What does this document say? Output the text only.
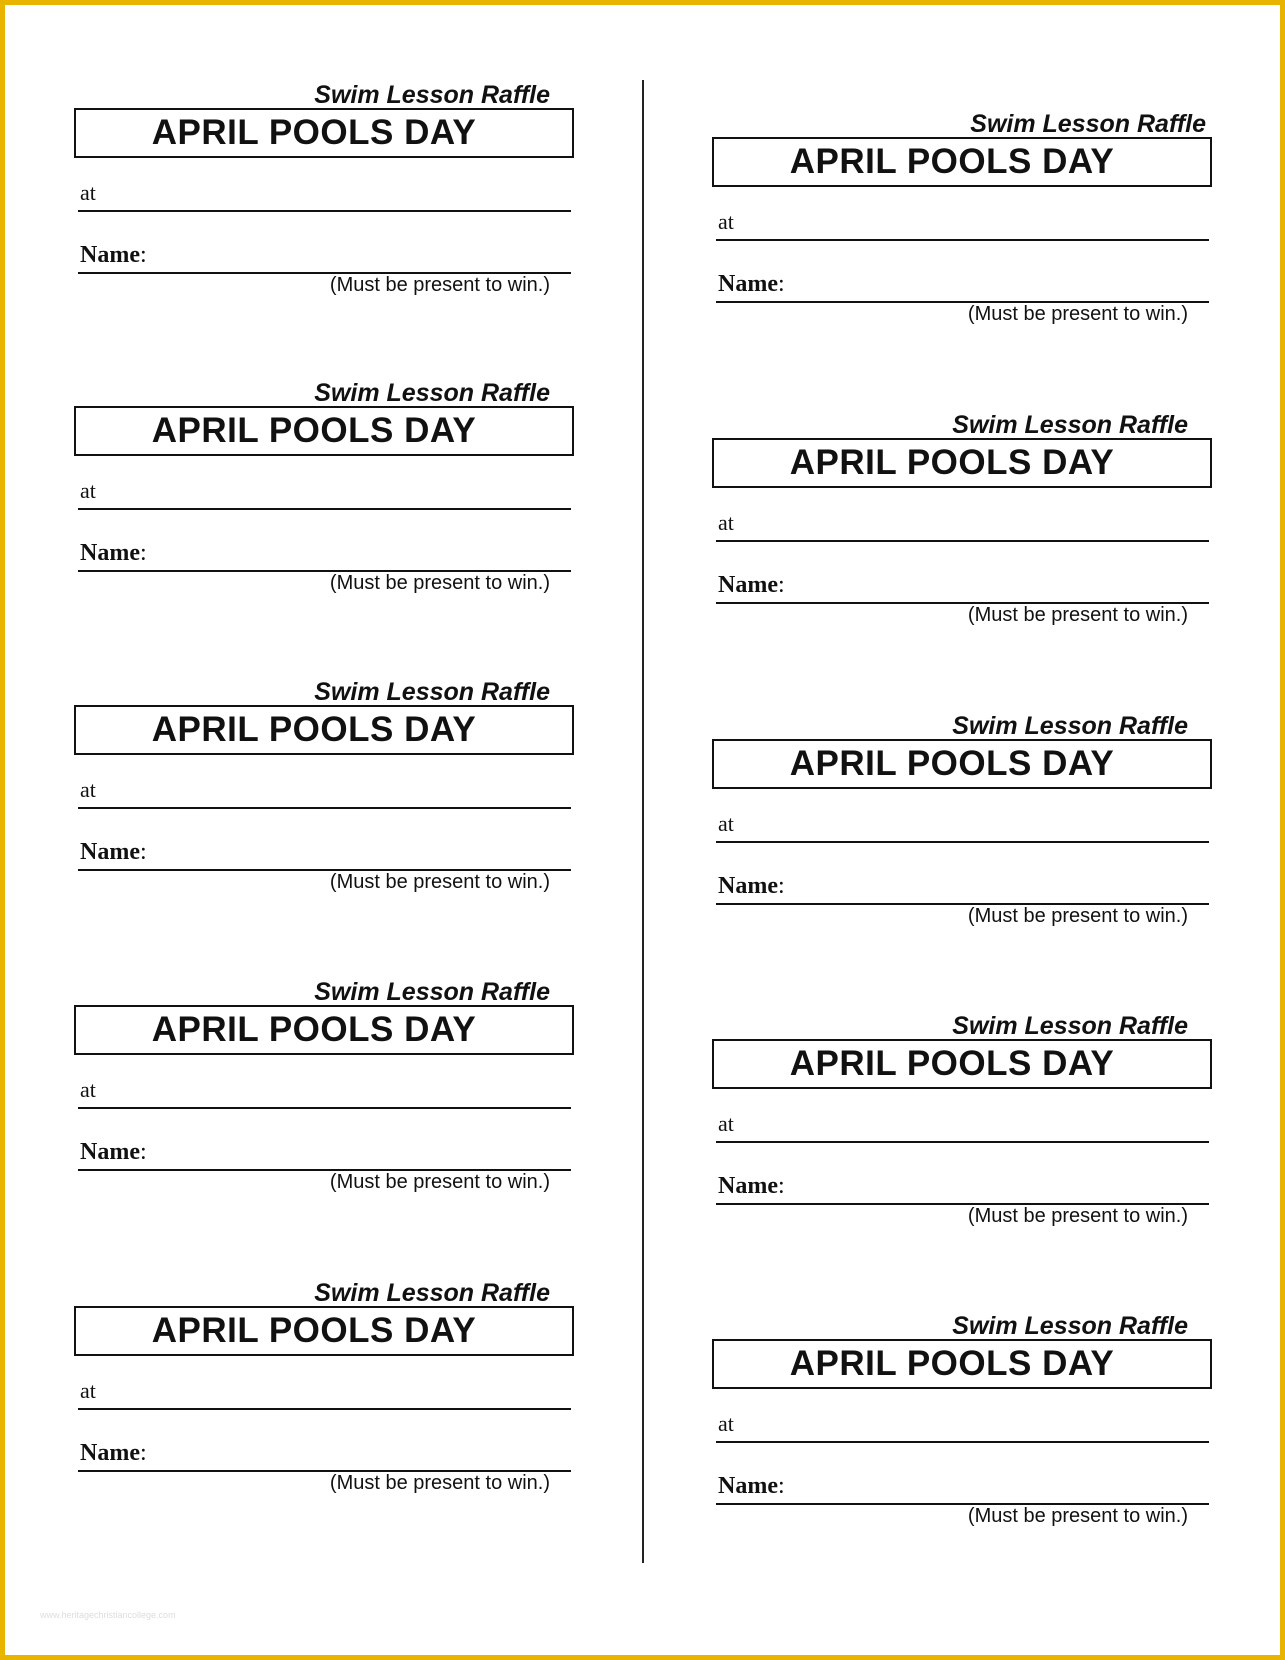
Swim Lesson Raffle
APRIL POOLS DAY
at
Name:
(Must be present to win.)
Swim Lesson Raffle
APRIL POOLS DAY
at
Name:
(Must be present to win.)
Swim Lesson Raffle
APRIL POOLS DAY
at
Name:
(Must be present to win.)
Swim Lesson Raffle
APRIL POOLS DAY
at
Name:
(Must be present to win.)
Swim Lesson Raffle
APRIL POOLS DAY
at
Name:
(Must be present to win.)
Swim Lesson Raffle
APRIL POOLS DAY
at
Name:
(Must be present to win.)
Swim Lesson Raffle
APRIL POOLS DAY
at
Name:
(Must be present to win.)
Swim Lesson Raffle
APRIL POOLS DAY
at
Name:
(Must be present to win.)
Swim Lesson Raffle
APRIL POOLS DAY
at
Name:
(Must be present to win.)
Swim Lesson Raffle
APRIL POOLS DAY
at
Name:
(Must be present to win.)
www.heritagechristiancollege.com
